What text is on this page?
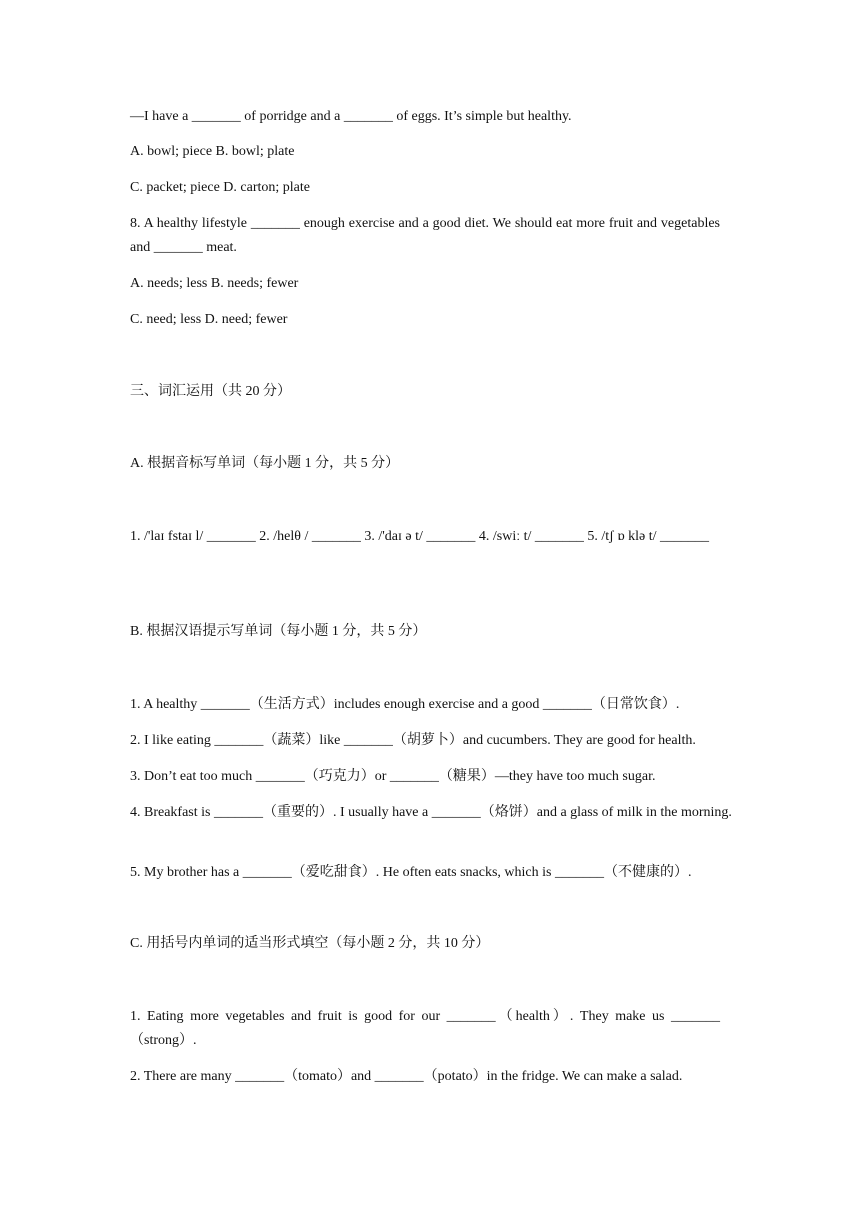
—I have a _______ of porridge and a _______ of eggs. It’s simple but healthy.
A. bowl; piece B. bowl; plate
C. packet; piece D. carton; plate
8. A healthy lifestyle _______ enough exercise and a good diet. We should eat more fruit and vegetables and _______ meat.
A. needs; less B. needs; fewer
C. need; less D. need; fewer
三、词汇运用（共 20 分）
A. 根据音标写单词（每小题 1 分，共 5 分）
1. /'laɪ fstaɪ l/ _______ 2. /helθ / _______ 3. /'daɪ ə t/ _______ 4. /swiː t/ _______ 5. /tʃ ɒ klə t/ _______
B. 根据汉语提示写单词（每小题 1 分，共 5 分）
1. A healthy _______（生活方式）includes enough exercise and a good _______（日常饮食）.
2. I like eating _______（蔬菜）like _______（胡萝卜）and cucumbers. They are good for health.
3. Don’t eat too much _______（巧克力）or _______（糖果）—they have too much sugar.
4. Breakfast is _______（重要的）. I usually have a _______（烙饼）and a glass of milk in the morning.
5. My brother has a _______（爱吃甜食）. He often eats snacks, which is _______（不健康的）.
C. 用括号内单词的适当形式填空（每小题 2 分，共 10 分）
1. Eating more vegetables and fruit is good for our _______（health）. They make us _______（strong）.
2. There are many _______（tomato）and _______（potato）in the fridge. We can make a salad.
